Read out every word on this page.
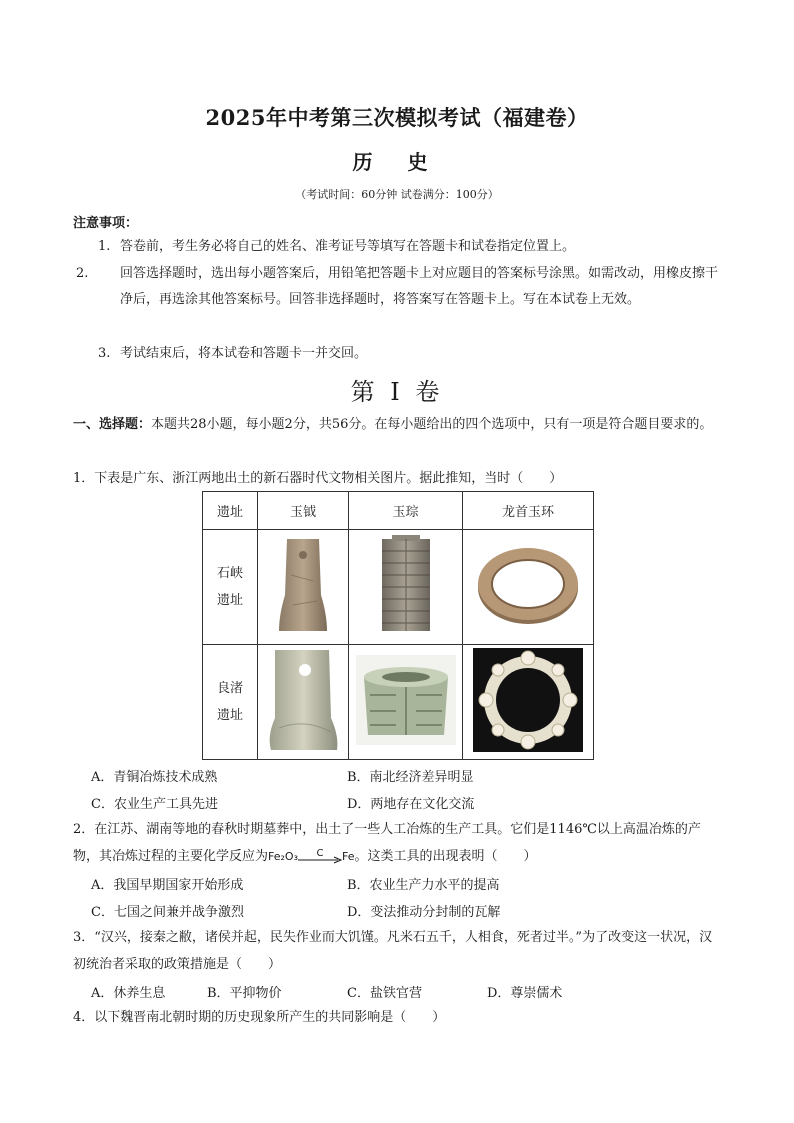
2025年中考第三次模拟考试（福建卷）
历 史
（考试时间：60分钟 试卷满分：100分）
注意事项：
1. 答卷前，考生务必将自己的姓名、准考证号等填写在答题卡和试卷指定位置上。
2. 回答选择题时，选出每小题答案后，用铅笔把答题卡上对应题目的答案标号涂黑。如需改动，用橡皮擦干净后，再选涂其他答案标号。回答非选择题时，将答案写在答题卡上。写在本试卷上无效。
3. 考试结束后，将本试卷和答题卡一并交回。
第 I 卷
一、选择题：本题共28小题，每小题2分，共56分。在每小题给出的四个选项中，只有一项是符合题目要求的。
1．下表是广东、浙江两地出土的新石器时代文物相关图片。据此推知，当时（　　）
遗址	玉钺	玉琮	龙首玉环

石峡
遗址

良渚
遗址

A．青铜冶炼技术成熟	B．南北经济差异明显
C．农业生产工具先进	D．两地存在文化交流
2．在江苏、湖南等地的春秋时期墓葬中，出土了一些人工冶炼的生产工具。它们是1146℃以上高温冶炼的产物，其冶炼过程的主要化学反应为Fe₂O₃	C	Fe。这类工具的出现表明（　　）
A．我国早期国家开始形成	B．农业生产力水平的提高
C．七国之间兼并战争激烈	D．变法推动分封制的瓦解
3．“汉兴，接秦之敝，诸侯并起，民失作业而大饥馑。凡米石五千，人相食，死者过半。”为了改变这一状况，汉初统治者采取的政策措施是（　　）
A．休养生息	B．平抑物价	C．盐铁官营	D．尊崇儒术
4．以下魏晋南北朝时期的历史现象所产生的共同影响是（　　）
